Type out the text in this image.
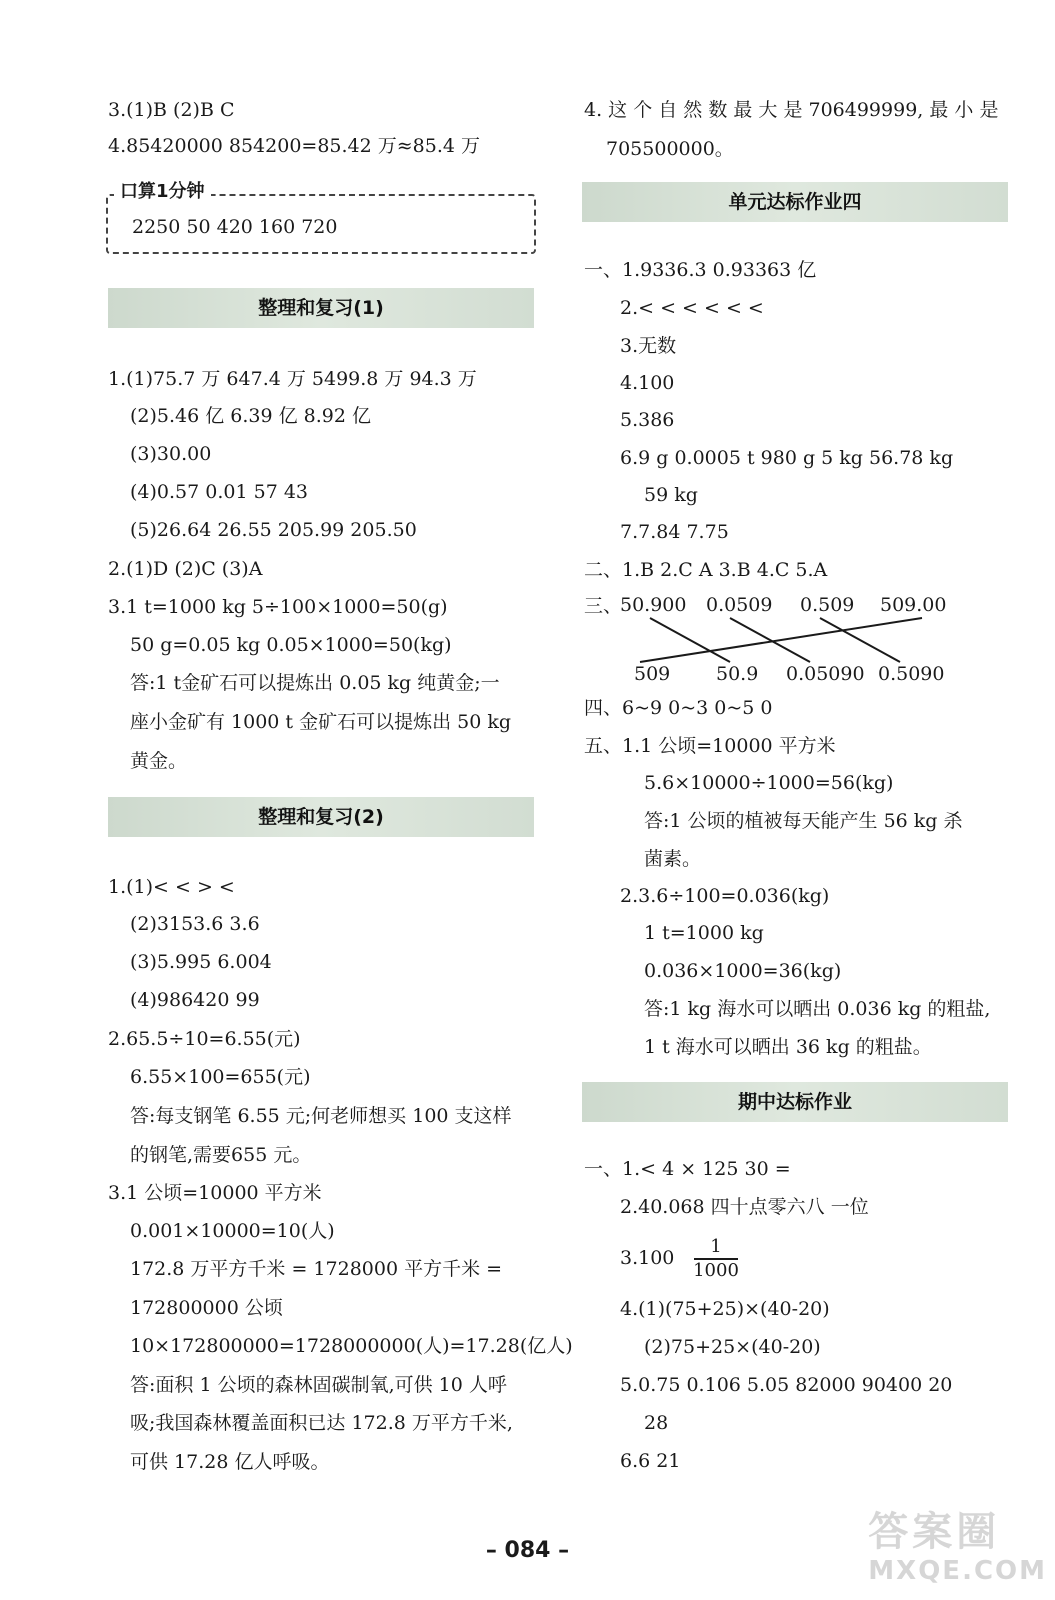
3.(1)B (2)B C
4.85420000 854200=85.42 万≈85.4 万
口算1分钟
2250 50 420 160 720
整理和复习(1)
1.(1)75.7 万 647.4 万 5499.8 万 94.3 万
(2)5.46 亿 6.39 亿 8.92 亿
(3)30.00
(4)0.57 0.01 57 43
(5)26.64 26.55 205.99 205.50
2.(1)D (2)C (3)A
3.1 t=1000 kg 5÷100×1000=50(g)
50 g=0.05 kg 0.05×1000=50(kg)
答:1 t金矿石可以提炼出 0.05 kg 纯黄金;一
座小金矿有 1000 t 金矿石可以提炼出 50 kg
黄金。
整理和复习(2)
1.(1)< < > <
(2)3153.6 3.6
(3)5.995 6.004
(4)986420 99
2.65.5÷10=6.55(元)
6.55×100=655(元)
答:每支钢笔 6.55 元;何老师想买 100 支这样
的钢笔,需要655 元。
3.1 公顷=10000 平方米
0.001×10000=10(人)
172.8 万平方千米 = 1728000 平方千米 =
172800000 公顷
10×172800000=1728000000(人)=17.28(亿人)
答:面积 1 公顷的森林固碳制氧,可供 10 人呼
吸;我国森林覆盖面积已达 172.8 万平方千米,
可供 17.28 亿人呼吸。
4. 这 个 自 然 数 最 大 是 706499999, 最 小 是
705500000。
单元达标作业四
一、1.9336.3 0.93363 亿
2.< < < < < <
3.无数
4.100
5.386
6.9 g 0.0005 t 980 g 5 kg 56.78 kg
59 kg
7.7.84 7.75
二、1.B 2.C A 3.B 4.C 5.A
三、
50.900 0.0509 0.509 509.00
509 50.9 0.05090 0.5090
四、6~9 0~3 0~5 0
五、1.1 公顷=10000 平方米
5.6×10000÷1000=56(kg)
答:1 公顷的植被每天能产生 56 kg 杀
菌素。
2.3.6÷100=0.036(kg)
1 t=1000 kg
0.036×1000=36(kg)
答:1 kg 海水可以晒出 0.036 kg 的粗盐,
1 t 海水可以晒出 36 kg 的粗盐。
期中达标作业
一、1.< 4 × 125 30 =
2.40.068 四十点零六八 一位
3.100
1
1000
4.(1)(75+25)×(40-20)
(2)75+25×(40-20)
5.0.75 0.106 5.05 82000 90400 20
28
6.6 21
– 084 –	答案圈
MXQE.COM
